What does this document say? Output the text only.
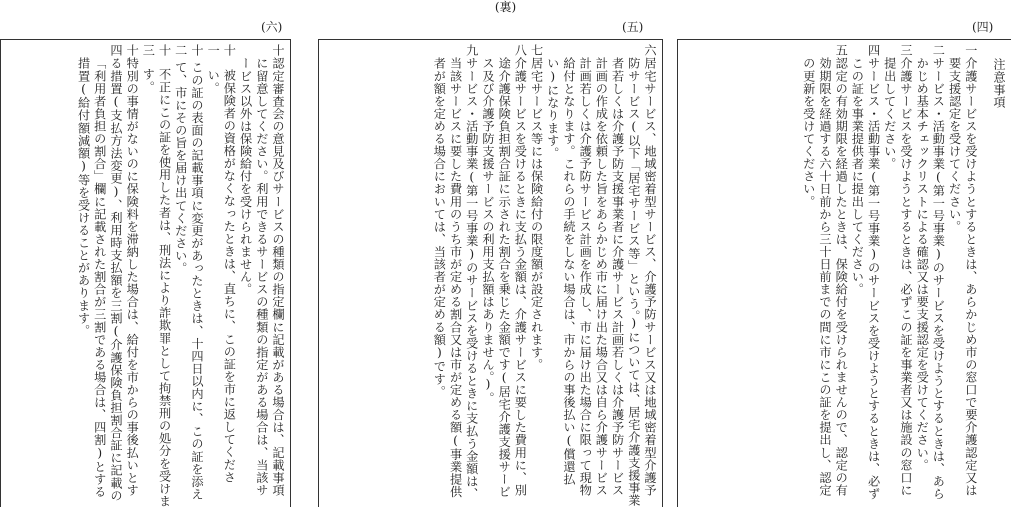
(裏)
(六)	(五)	(四)
十
認定審査会の意見及びサービスの種類の指定欄に記載がある場合は、記載事項に留意してください。利用できるサービスの種類の指定がある場合は、当該サービス以外は保険給付を受けられません。
十一
被保険者の資格がなくなったときは、直ちに、この証を市に返してください。
十二
この証の表面の記載事項に変更があったときは、十四日以内に、この証を添えて、市にその旨を届け出てください。
十三
不正にこの証を使用した者は、刑法により詐欺罪として拘禁刑の処分を受けます。
十四
特別の事情がないのに保険料を滞納した場合は、給付を市からの事後払いとする措置(支払方法変更)、利用時支払額を三割(介護保険負担割合証に記載の「利用者負担の割合」欄に記載された割合が三割である場合は、四割)とする措置(給付額減額)等を受けることがあります。
六
居宅サービス、地域密着型サービス、介護予防サービス又は地域密着型介護予防サービス(以下「居宅サービス等」という。)については、居宅介護支援事業者若しくは介護予防支援事業者に介護サービス計画若しくは介護予防サービス計画の作成を依頼した旨をあらかじめ市に届け出た場合又は自ら介護サービス計画若しくは介護予防サービス計画を作成し、市に届け出た場合に限って現物給付となります。これらの手続をしない場合は、市からの事後払い(償還払い)になります。
七
居宅サービス等には保険給付の限度額が設定されます。
八
介護サービスを受けるときに支払う金額は、介護サービスに要した費用に、別途介護保険負担割合証に示された割合を乗じた金額です(居宅介護支援サービス及び介護予防支援サービスの利用支払額はありません。)。
九
サービス・活動事業(第一号事業)のサービスを受けるときに支払う金額は、当該サービスに要した費用のうち市が定める割合又は市が定める額(事業提供者が額を定める場合においては、当該者が定める額)です。	注意事項
一
介護サービスを受けようとするときは、あらかじめ市の窓口で要介護認定又は要支援認定を受けてください。
二
サービス・活動事業(第一号事業)のサービスを受けようとするときは、あらかじめ基本チェックリストによる確認又は要支援認定を受けてください。
三
介護サービスを受けようとするときは、必ずこの証を事業者又は施設の窓口に提出してください。
四
サービス・活動事業(第一号事業)のサービスを受けようとするときは、必ずこの証を事業提供者に提出してください。
五
認定の有効期限を経過したときは、保険給付を受けられませんので、認定の有効期限を経過する六十日前から三十日前までの間に市にこの証を提出し、認定の更新を受けてください。
